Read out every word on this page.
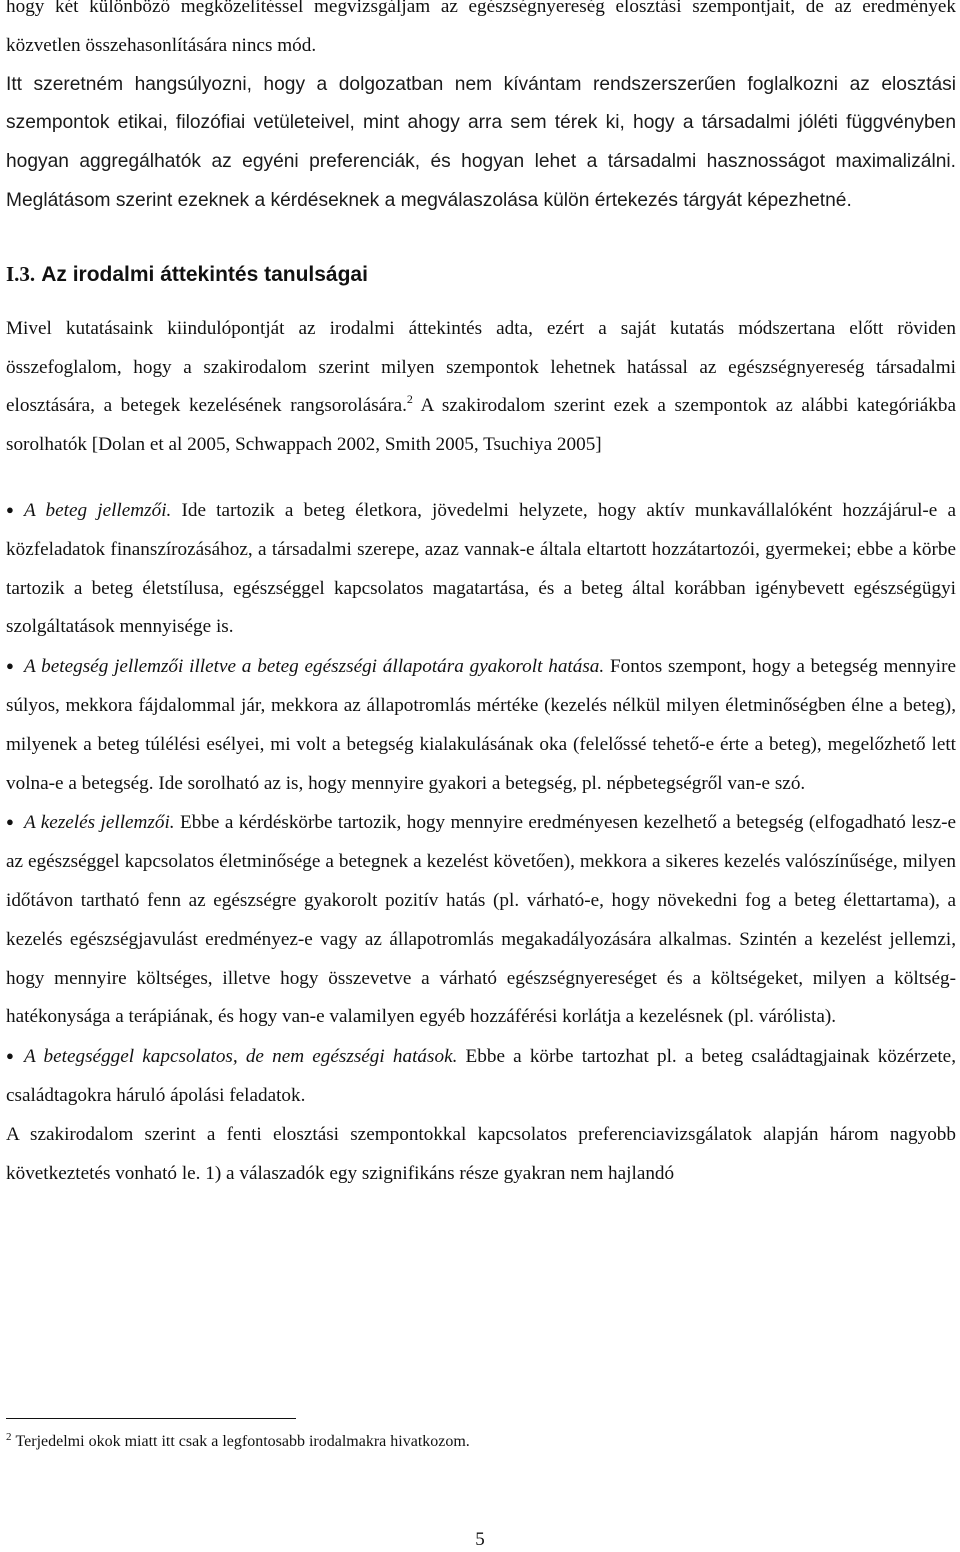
hogy két különböző megközelítéssel megvizsgáljam az egészségnyereség elosztási szempontjait, de az eredmények közvetlen összehasonlítására nincs mód.

Itt szeretném hangsúlyozni, hogy a dolgozatban nem kívántam rendszerszerűen foglalkozni az elosztási szempontok etikai, filozófiai vetületeivel, mint ahogy arra sem térek ki, hogy a társadalmi jóléti függvényben hogyan aggregálhatók az egyéni preferenciák, és hogyan lehet a társadalmi hasznosságot maximalizálni. Meglátásom szerint ezeknek a kérdéseknek a megválaszolása külön értekezés tárgyát képezhetné.

I.3. Az irodalmi áttekintés tanulságai

Mivel kutatásaink kiindulópontját az irodalmi áttekintés adta, ezért a saját kutatás módszertana előtt röviden összefoglalom, hogy a szakirodalom szerint milyen szempontok lehetnek hatással az egészségnyereség társadalmi elosztására, a betegek kezelésének rangsorolására.$^2$ A szakirodalom szerint ezek a szempontok az alábbi kategóriákba sorolhatók [Dolan et al 2005, Schwappach 2002, Smith 2005, Tsuchiya 2005]

● A beteg jellemzői. Ide tartozik a beteg életkora, jövedelmi helyzete, hogy aktív munkavállalóként hozzájárul-e a közfeladatok finanszírozásához, a társadalmi szerepe, azaz vannak-e általa eltartott hozzátartozói, gyermekei; ebbe a körbe tartozik a beteg életstílusa, egészséggel kapcsolatos magatartása, és a beteg által korábban igénybevett egészségügyi szolgáltatások mennyisége is.
● A betegség jellemzői illetve a beteg egészségi állapotára gyakorolt hatása. Fontos szempont, hogy a betegség mennyire súlyos, mekkora fájdalommal jár, mekkora az állapotromlás mértéke (kezelés nélkül milyen életminőségben élne a beteg), milyenek a beteg túlélési esélyei, mi volt a betegség kialakulásának oka (felelőssé tehető-e érte a beteg), megelőzhető lett volna-e a betegség. Ide sorolható az is, hogy mennyire gyakori a betegség, pl. népbetegségről van-e szó.
● A kezelés jellemzői. Ebbe a kérdéskörbe tartozik, hogy mennyire eredményesen kezelhető a betegség (elfogadható lesz-e az egészséggel kapcsolatos életminősége a betegnek a kezelést követően), mekkora a sikeres kezelés valószínűsége, milyen időtávon tartható fenn az egészségre gyakorolt pozitív hatás (pl. várható-e, hogy növekedni fog a beteg élettartama), a kezelés egészségjavulást eredményez-e vagy az állapotromlás megakadályozására alkalmas. Szintén a kezelést jellemzi, hogy mennyire költséges, illetve hogy összevetve a várható egészségnyereséget és a költségeket, milyen a költség-hatékonysága a terápiának, és hogy van-e valamilyen egyéb hozzáférési korlátja a kezelésnek (pl. várólista).
● A betegséggel kapcsolatos, de nem egészségi hatások. Ebbe a körbe tartozhat pl. a beteg családtagjainak közérzete, családtagokra háruló ápolási feladatok.

A szakirodalom szerint a fenti elosztási szempontokkal kapcsolatos preferenciavizsgálatok alapján három nagyobb következtetés vonható le. 1) a válaszadók egy szignifikáns része gyakran nem hajlandó

$^2$ Terjedelmi okok miatt itt csak a legfontosabb irodalmakra hivatkozom.
5
